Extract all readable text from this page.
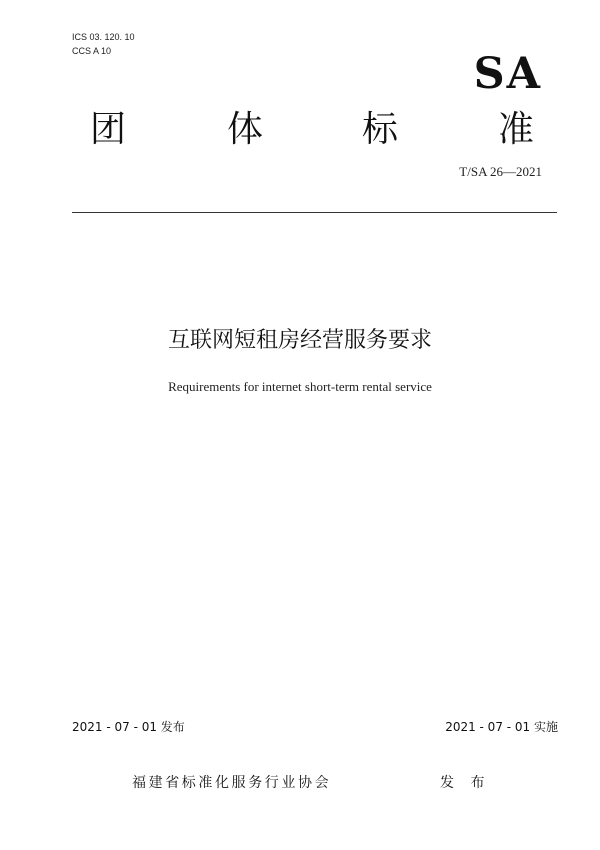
ICS 03. 120. 10
CCS A 10	SA
团	体	标	准
T/SA 26—2021
互联网短租房经营服务要求
Requirements for internet short-term rental service
2021 - 07 - 01 发布	2021 - 07 - 01 实施
福建省标准化服务行业协会	发 布
